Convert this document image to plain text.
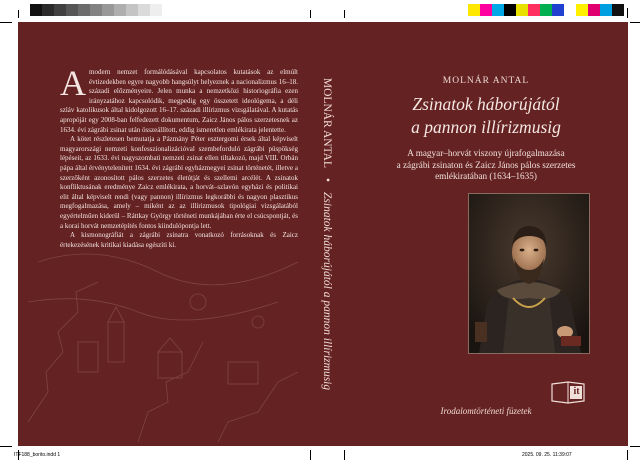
Amodern nemzet formálódásával kapcsolatos kutatások az elmúlt évtizedekben egyre nagyobb hangsúlyt helyeznek a nacionalizmus 16–18. századi előzményeire. Jelen munka a nemzetközi historiográfia ezen irányzatához kapcsolódik, megpedig egy összetett ideológema, a déli szláv katolikusok által kidolgozott 16–17. századi illírizmus vizsgálatával. A kutatás apropóját egy 2008-ban felfedezett dokumentum, Zaicz János pálos szerzetesnek az 1634. évi zágrábi zsinat után összeállított, eddig ismeretlen emlékirata jelentette.

A kötet részletesen bemutatja a Pázmány Péter esztergomi érsek által képviselt magyarországi nemzeti konfesszionalizációval szembeforduló zágrábi püspökség lépéseit, az 1633. évi nagyszombati nemzeti zsinat ellen tiltakozó, majd VIII. Orbán pápa által érvénytelenített 1634. évi zágrábi egyházmegyei zsinat történetét, illetve a szerzőként azonosított pálos szerzetes életútját és szellemi arcélét. A zsinatok konfliktusának eredménye Zaicz emlékirata, a horvát–szlavón egyházi és politikai elit által képviselt rendi (vagy pannon) illírizmus legkorábbi és nagyon plasztikus megfogalmazása, amely – miként az az illírizmusok tipológiai vizsgálatából egyértelműen kiderül – Ráttkay György történeti munkájában érte el csúcspontját, és a korai horvát nemzetépítés fontos kiindulópontja lett.

A kismonográfiát a zágrábi zsinatra vonatkozó forrásoknak és Zaicz értekezésének kritikai kiadása egészíti ki.

MOLNÁR ANTAL•Zsinatok háborújától a pannon illírizmusig
MOLNÁR ANTAL
Zsinatok háborújától
a pannon illírizmusig
A magyar–horvát viszony újrafogalmazása
a zágrábi zsinaton és Zaicz János pálos szerzetes
emlékiratában (1634–1635)
it
Irodalomtörténeti füzetek
ITF188_borito.indd 1	2025. 09. 25. 11:39:07
